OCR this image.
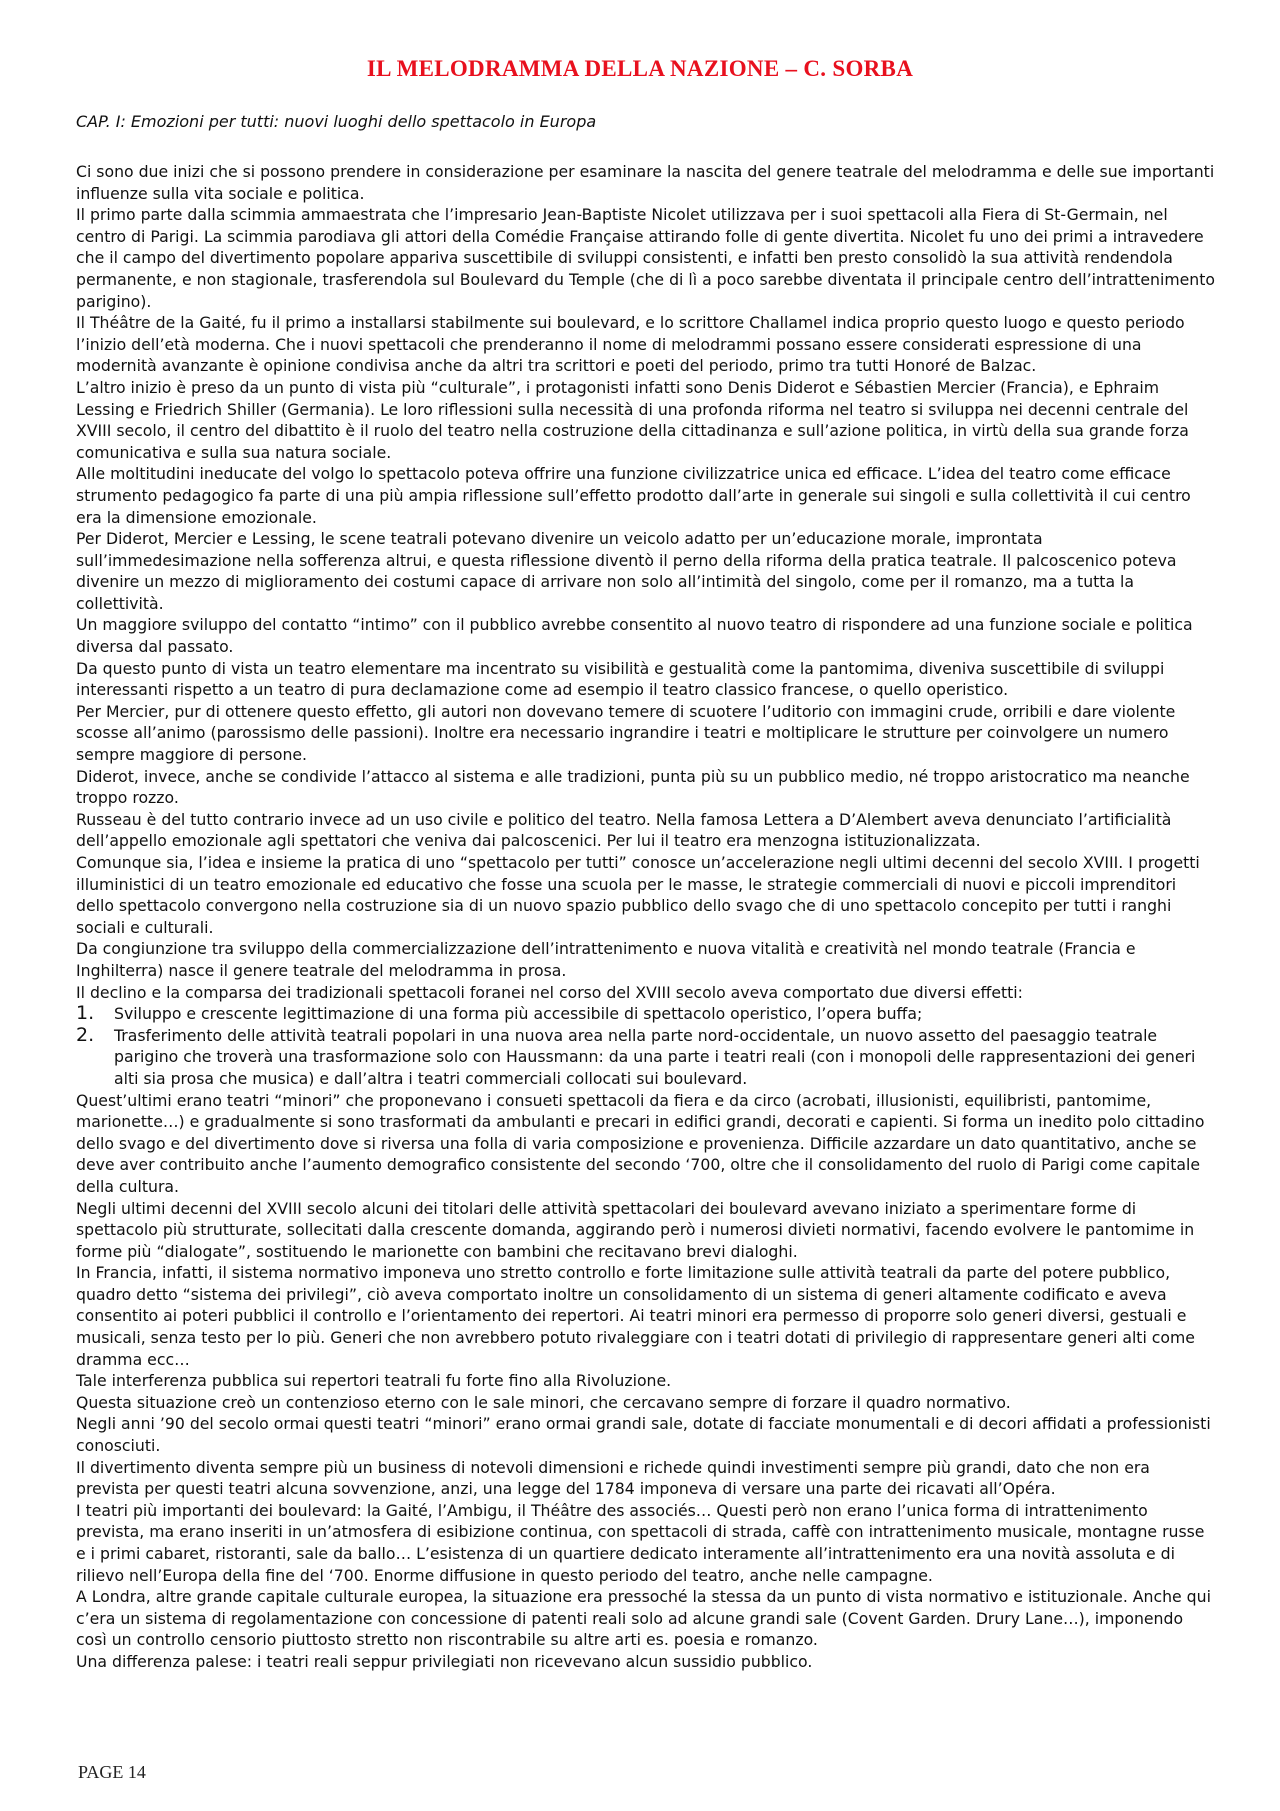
IL MELODRAMMA DELLA NAZIONE – C. SORBA
CAP. I: Emozioni per tutti: nuovi luoghi dello spettacolo in Europa

Ci sono due inizi che si possono prendere in considerazione per esaminare la nascita del genere teatrale del melodramma e delle sue importanti influenze sulla vita sociale e politica.

Il primo parte dalla scimmia ammaestrata che l’impresario Jean-Baptiste Nicolet utilizzava per i suoi spettacoli alla Fiera di St-Germain, nel centro di Parigi. La scimmia parodiava gli attori della Comédie Française attirando folle di gente divertita. Nicolet fu uno dei primi a intravedere che il campo del divertimento popolare appariva suscettibile di sviluppi consistenti, e infatti ben presto consolidò la sua attività rendendola permanente, e non stagionale, trasferendola sul Boulevard du Temple (che di lì a poco sarebbe diventata il principale centro dell’intrattenimento parigino).

Il Théâtre de la Gaité, fu il primo a installarsi stabilmente sui boulevard, e lo scrittore Challamel indica proprio questo luogo e questo periodo l’inizio dell’età moderna. Che i nuovi spettacoli che prenderanno il nome di melodrammi possano essere considerati espressione di una modernità avanzante è opinione condivisa anche da altri tra scrittori e poeti del periodo, primo tra tutti Honoré de Balzac.

L’altro inizio è preso da un punto di vista più “culturale”, i protagonisti infatti sono Denis Diderot e Sébastien Mercier (Francia), e Ephraim Lessing e Friedrich Shiller (Germania). Le loro riflessioni sulla necessità di una profonda riforma nel teatro si sviluppa nei decenni centrale del XVIII secolo, il centro del dibattito è il ruolo del teatro nella costruzione della cittadinanza e sull’azione politica, in virtù della sua grande forza comunicativa e sulla sua natura sociale.

Alle moltitudini ineducate del volgo lo spettacolo poteva offrire una funzione civilizzatrice unica ed efficace. L’idea del teatro come efficace strumento pedagogico fa parte di una più ampia riflessione sull’effetto prodotto dall’arte in generale sui singoli e sulla collettività il cui centro era la dimensione emozionale.

Per Diderot, Mercier e Lessing, le scene teatrali potevano divenire un veicolo adatto per un’educazione morale, improntata sull’immedesimazione nella sofferenza altrui, e questa riflessione diventò il perno della riforma della pratica teatrale. Il palcoscenico poteva divenire un mezzo di miglioramento dei costumi capace di arrivare non solo all’intimità del singolo, come per il romanzo, ma a tutta la collettività.

Un maggiore sviluppo del contatto “intimo” con il pubblico avrebbe consentito al nuovo teatro di rispondere ad una funzione sociale e politica diversa dal passato.

Da questo punto di vista un teatro elementare ma incentrato su visibilità e gestualità come la pantomima, diveniva suscettibile di sviluppi interessanti rispetto a un teatro di pura declamazione come ad esempio il teatro classico francese, o quello operistico.

Per Mercier, pur di ottenere questo effetto, gli autori non dovevano temere di scuotere l’uditorio con immagini crude, orribili e dare violente scosse all’animo (parossismo delle passioni). Inoltre era necessario ingrandire i teatri e moltiplicare le strutture per coinvolgere un numero sempre maggiore di persone.

Diderot, invece, anche se condivide l’attacco al sistema e alle tradizioni, punta più su un pubblico medio, né troppo aristocratico ma neanche troppo rozzo.

Russeau è del tutto contrario invece ad un uso civile e politico del teatro. Nella famosa Lettera a D’Alembert aveva denunciato l’artificialità dell’appello emozionale agli spettatori che veniva dai palcoscenici. Per lui il teatro era menzogna istituzionalizzata.

Comunque sia, l’idea e insieme la pratica di uno “spettacolo per tutti” conosce un’accelerazione negli ultimi decenni del secolo XVIII. I progetti illuministici di un teatro emozionale ed educativo che fosse una scuola per le masse, le strategie commerciali di nuovi e piccoli imprenditori dello spettacolo convergono nella costruzione sia di un nuovo spazio pubblico dello svago che di uno spettacolo concepito per tutti i ranghi sociali e culturali.

Da congiunzione tra sviluppo della commercializzazione dell’intrattenimento e nuova vitalità e creatività nel mondo teatrale (Francia e Inghilterra) nasce il genere teatrale del melodramma in prosa.

Il declino e la comparsa dei tradizionali spettacoli foranei nel corso del XVIII secolo aveva comportato due diversi effetti:

1. Sviluppo e crescente legittimazione di una forma più accessibile di spettacolo operistico, l’opera buffa;
2. Trasferimento delle attività teatrali popolari in una nuova area nella parte nord-occidentale, un nuovo assetto del paesaggio teatrale parigino che troverà una trasformazione solo con Haussmann: da una parte i teatri reali (con i monopoli delle rappresentazioni dei generi alti sia prosa che musica) e dall’altra i teatri commerciali collocati sui boulevard.

Quest’ultimi erano teatri “minori” che proponevano i consueti spettacoli da fiera e da circo (acrobati, illusionisti, equilibristi, pantomime, marionette…) e gradualmente si sono trasformati da ambulanti e precari in edifici grandi, decorati e capienti. Si forma un inedito polo cittadino dello svago e del divertimento dove si riversa una folla di varia composizione e provenienza. Difficile azzardare un dato quantitativo, anche se deve aver contribuito anche l’aumento demografico consistente del secondo ‘700, oltre che il consolidamento del ruolo di Parigi come capitale della cultura.

Negli ultimi decenni del XVIII secolo alcuni dei titolari delle attività spettacolari dei boulevard avevano iniziato a sperimentare forme di spettacolo più strutturate, sollecitati dalla crescente domanda, aggirando però i numerosi divieti normativi, facendo evolvere le pantomime in forme più “dialogate”, sostituendo le marionette con bambini che recitavano brevi dialoghi.

In Francia, infatti, il sistema normativo imponeva uno stretto controllo e forte limitazione sulle attività teatrali da parte del potere pubblico, quadro detto “sistema dei privilegi”, ciò aveva comportato inoltre un consolidamento di un sistema di generi altamente codificato e aveva consentito ai poteri pubblici il controllo e l’orientamento dei repertori. Ai teatri minori era permesso di proporre solo generi diversi, gestuali e musicali, senza testo per lo più. Generi che non avrebbero potuto rivaleggiare con i teatri dotati di privilegio di rappresentare generi alti come dramma ecc…

Tale interferenza pubblica sui repertori teatrali fu forte fino alla Rivoluzione.

Questa situazione creò un contenzioso eterno con le sale minori, che cercavano sempre di forzare il quadro normativo.

Negli anni ’90 del secolo ormai questi teatri “minori” erano ormai grandi sale, dotate di facciate monumentali e di decori affidati a professionisti conosciuti.

Il divertimento diventa sempre più un business di notevoli dimensioni e richede quindi investimenti sempre più grandi, dato che non era prevista per questi teatri alcuna sovvenzione, anzi, una legge del 1784 imponeva di versare una parte dei ricavati all’Opéra.

I teatri più importanti dei boulevard: la Gaité, l’Ambigu, il Théâtre des associés… Questi però non erano l’unica forma di intrattenimento prevista, ma erano inseriti in un’atmosfera di esibizione continua, con spettacoli di strada, caffè con intrattenimento musicale, montagne russe e i primi cabaret, ristoranti, sale da ballo… L’esistenza di un quartiere dedicato interamente all’intrattenimento era una novità assoluta e di rilievo nell’Europa della fine del ‘700. Enorme diffusione in questo periodo del teatro, anche nelle campagne.

A Londra, altre grande capitale culturale europea, la situazione era pressoché la stessa da un punto di vista normativo e istituzionale. Anche qui c’era un sistema di regolamentazione con concessione di patenti reali solo ad alcune grandi sale (Covent Garden. Drury Lane…), imponendo così un controllo censorio piuttosto stretto non riscontrabile su altre arti es. poesia e romanzo.

Una differenza palese: i teatri reali seppur privilegiati non ricevevano alcun sussidio pubblico.

PAGE 14
